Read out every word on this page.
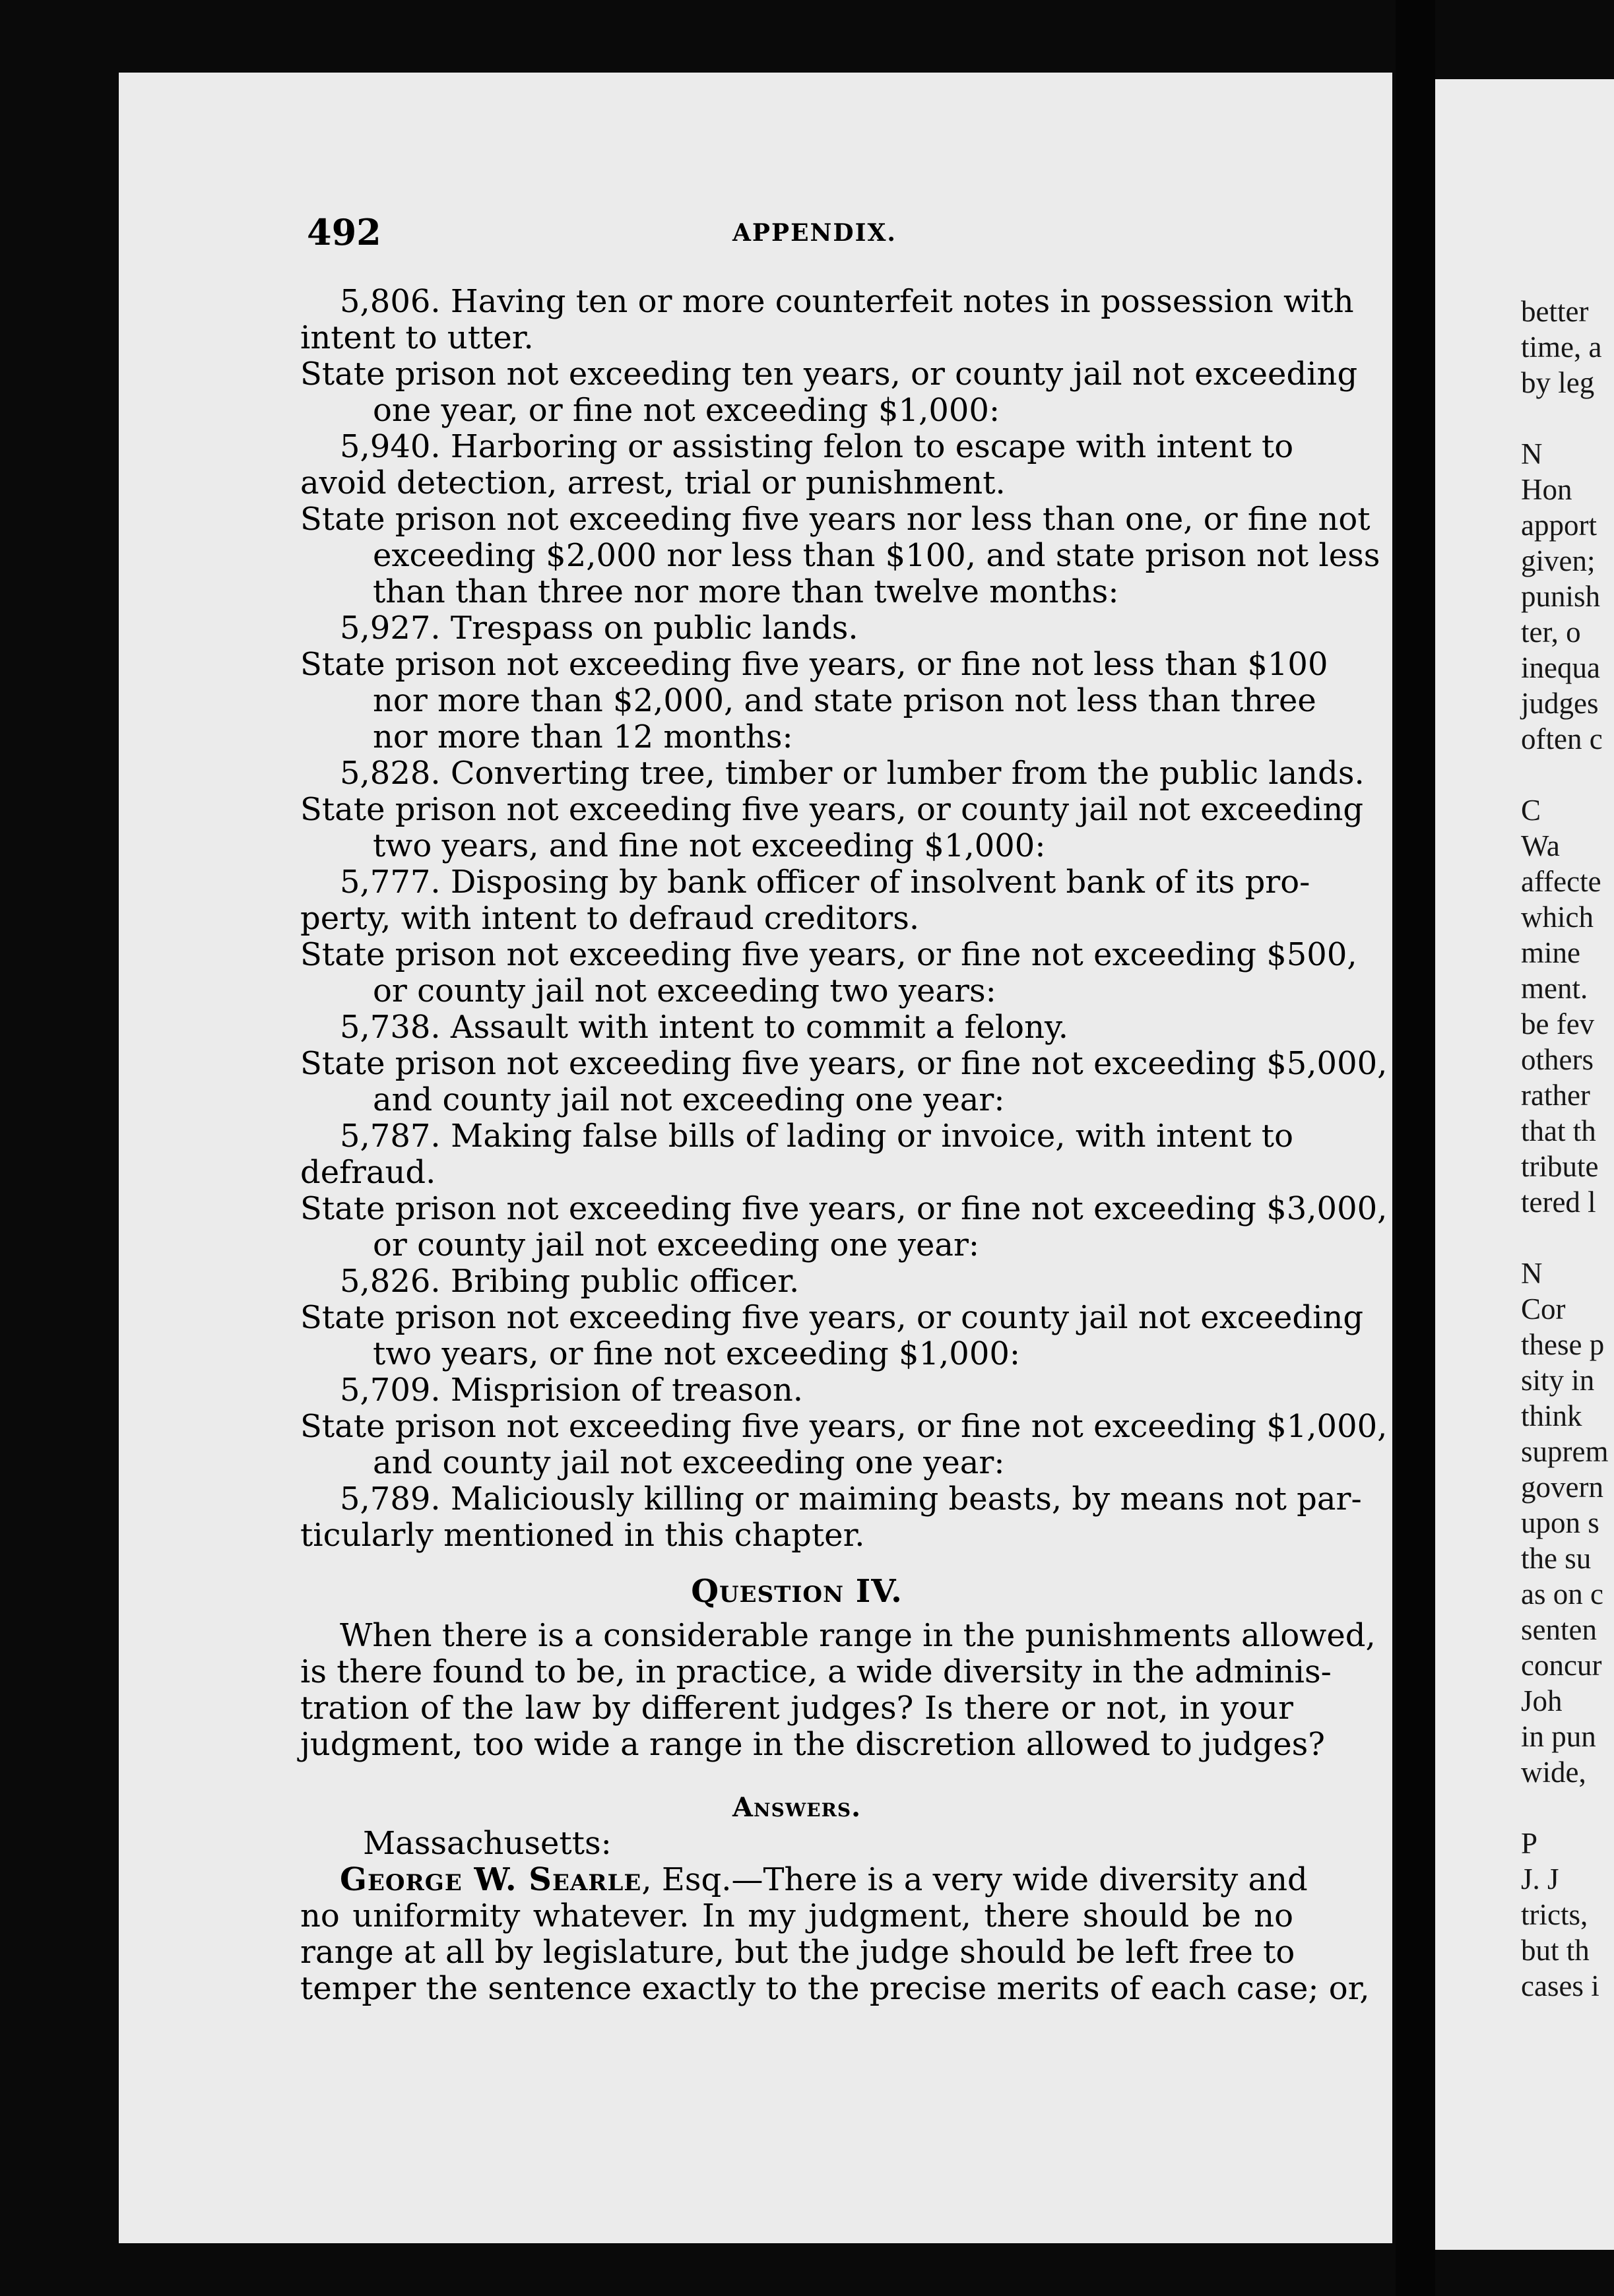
better
time, a
by leg
N
Hon
apport
given;
punish
ter, o
inequa
judges
often c
C
Wa
affecte
which
mine
ment.
be fev
others
rather
that th
tribute
tered l
N
Cor
these p
sity in
think
suprem
govern
upon s
the su
as on c
senten
concur
Joh
in pun
wide,
P
J. J
tricts,
but th
cases i
492	APPENDIX.
5,806. Having ten or more counterfeit notes in possession with
intent to utter.
State prison not exceeding ten years, or county jail not exceeding
one year, or fine not exceeding $1,000:
5,940. Harboring or assisting felon to escape with intent to
avoid detection, arrest, trial or punishment.
State prison not exceeding five years nor less than one, or fine not
exceeding $2,000 nor less than $100, and state prison not less
than than three nor more than twelve months:
5,927. Trespass on public lands.
State prison not exceeding five years, or fine not less than $100
nor more than $2,000, and state prison not less than three
nor more than 12 months:
5,828. Converting tree, timber or lumber from the public lands.
State prison not exceeding five years, or county jail not exceeding
two years, and fine not exceeding $1,000:
5,777. Disposing by bank officer of insolvent bank of its pro-
perty, with intent to defraud creditors.
State prison not exceeding five years, or fine not exceeding $500,
or county jail not exceeding two years:
5,738. Assault with intent to commit a felony.
State prison not exceeding five years, or fine not exceeding $5,000,
and county jail not exceeding one year:
5,787. Making false bills of lading or invoice, with intent to
defraud.
State prison not exceeding five years, or fine not exceeding $3,000,
or county jail not exceeding one year:
5,826. Bribing public officer.
State prison not exceeding five years, or county jail not exceeding
two years, or fine not exceeding $1,000:
5,709. Misprision of treason.
State prison not exceeding five years, or fine not exceeding $1,000,
and county jail not exceeding one year:
5,789. Maliciously killing or maiming beasts, by means not par-
ticularly mentioned in this chapter.
Question IV.
When there is a considerable range in the punishments allowed,
is there found to be, in practice, a wide diversity in the adminis-
tration of the law by different judges? Is there or not, in your
judgment, too wide a range in the discretion allowed to judges?
Answers.
Massachusetts:
George W. Searle, Esq.—There is a very wide diversity and
no uniformity whatever. In my judgment, there should be no
range at all by legislature, but the judge should be left free to
temper the sentence exactly to the precise merits of each case; or,
